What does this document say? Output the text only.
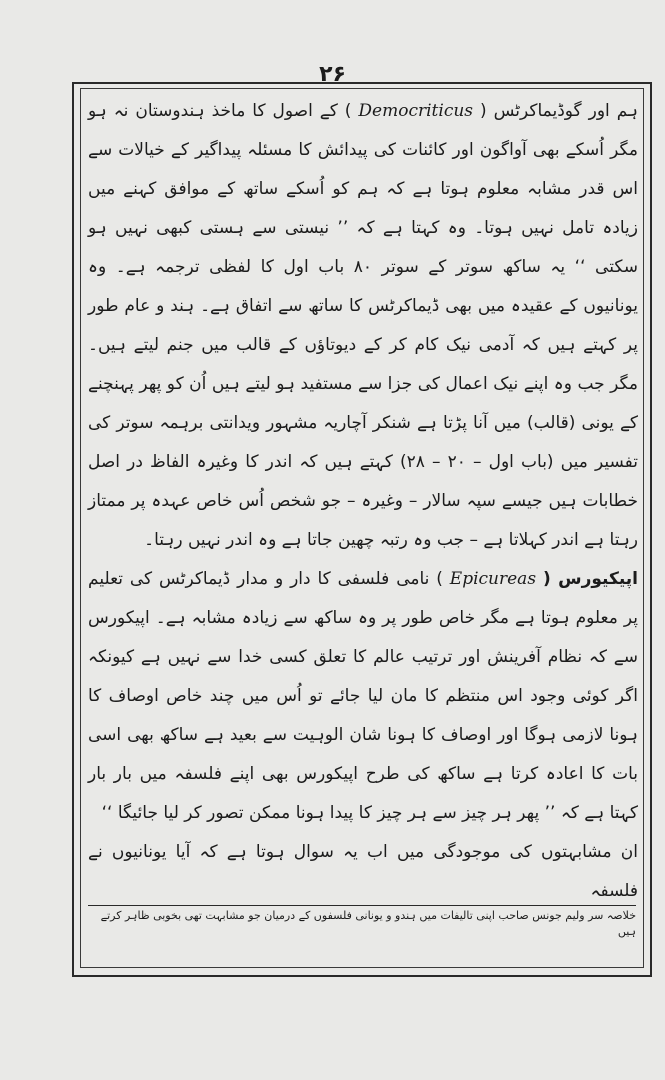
۲۶

ہم اور گوڈیماکرٹس ( Democriticus ) کے اصول کا ماخذ ہندوستان نہ ہو مگر اُسکے بھی آواگون اور کائنات کی پیدائش کا مسئلہ پیداگیر کے خیالات سے اس قدر مشابہ معلوم ہوتا ہے کہ ہم کو اُسکے ساتھ کے موافق کہنے میں زیادہ تامل نہیں ہوتا۔ وہ کہتا ہے کہ ’’ نیستی سے ہستی کبھی نہیں ہو سکتی ‘‘ یہ ساکھ سوتر کے سوتر ۸۰ باب اول کا لفظی ترجمہ ہے۔ وہ یونانیوں کے عقیدہ میں بھی ڈیماکرٹس کا ساتھ سے اتفاق ہے۔ ہند و عام طور پر کہتے ہیں کہ آدمی نیک کام کر کے دیوتاؤں کے قالب میں جنم لیتے ہیں۔ مگر جب وہ اپنے نیک اعمال کی جزا سے مستفید ہو لیتے ہیں اُن کو پھر پہنچنے کے یونی (قالب) میں آنا پڑتا ہے شنکر آچاریہ مشہور ویدانتی برہمہ سوتر کی تفسیر میں (باب اول – ۲۰ – ۲۸) کہتے ہیں کہ اندر کا وغیرہ الفاظ در اصل خطابات ہیں جیسے سپہ سالار – وغیرہ – جو شخص اُس خاص عہدہ پر ممتاز رہتا ہے اندر کہلاتا ہے – جب وہ رتبہ چھین جاتا ہے وہ اندر نہیں رہتا۔

اپیکیورس ( Epicureas ) نامی فلسفی کا دار و مدار ڈیماکرٹس کی تعلیم پر معلوم ہوتا ہے مگر خاص طور پر وہ ساکھ سے زیادہ مشابہ ہے۔ اپیکورس سے کہ نظام آفرینش اور ترتیب عالم کا تعلق کسی خدا سے نہیں ہے کیونکہ اگر کوئی وجود اس منتظم کا مان لیا جائے تو اُس میں چند خاص اوصاف کا ہونا لازمی ہوگا اور اوصاف کا ہونا شان الوہیت سے بعید ہے ساکھ بھی اسی بات کا اعادہ کرتا ہے ساکھ کی طرح اپیکورس بھی اپنے فلسفہ میں بار بار کہتا ہے کہ ’’ پھر ہر چیز سے ہر چیز کا پیدا ہونا ممکن تصور کر لیا جائیگا ‘‘

ان مشابہتوں کی موجودگی میں اب یہ سوال ہوتا ہے کہ آیا یونانیوں نے فلسفہ

خلاصہ سر ولیم جونس صاحب اپنی تالیفات میں ہندو و یونانی فلسفوں کے درمیان جو مشابہت تھی بخوبی ظاہر کرتے ہیں
